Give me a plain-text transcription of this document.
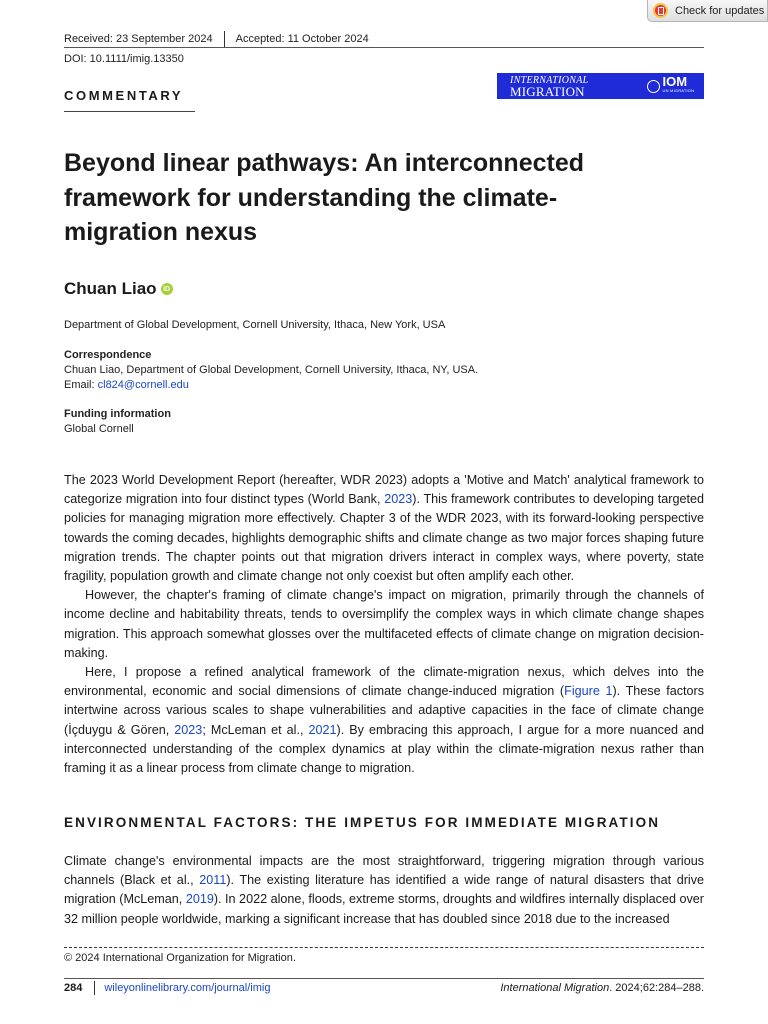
Check for updates
Received: 23 September 2024 Accepted: 11 October 2024
DOI: 10.1111/imig.13350
COMMENTARY
INTERNATIONAL
MIGRATION
IOM
UN MIGRATION
Beyond linear pathways: An interconnected framework for understanding the climate-migration nexus
Chuan Liao iD
Department of Global Development, Cornell University, Ithaca, New York, USA
Correspondence
Chuan Liao, Department of Global Development, Cornell University, Ithaca, NY, USA.
Email: cl824@cornell.edu
Funding information
Global Cornell

The 2023 World Development Report (hereafter, WDR 2023) adopts a 'Motive and Match' analytical framework to categorize migration into four distinct types (World Bank, 2023). This framework contributes to developing targeted policies for managing migration more effectively. Chapter 3 of the WDR 2023, with its forward-looking perspective towards the coming decades, highlights demographic shifts and climate change as two major forces shaping future migration trends. The chapter points out that migration drivers interact in complex ways, where poverty, state fragility, population growth and climate change not only coexist but often amplify each other.

However, the chapter's framing of climate change's impact on migration, primarily through the channels of income decline and habitability threats, tends to oversimplify the complex ways in which climate change shapes migration. This approach somewhat glosses over the multifaceted effects of climate change on migration decision-making.

Here, I propose a refined analytical framework of the climate-migration nexus, which delves into the environmental, economic and social dimensions of climate change-induced migration (Figure 1). These factors intertwine across various scales to shape vulnerabilities and adaptive capacities in the face of climate change (İçduygu & Gören, 2023; McLeman et al., 2021). By embracing this approach, I argue for a more nuanced and interconnected understanding of the complex dynamics at play within the climate-migration nexus rather than framing it as a linear process from climate change to migration.

ENVIRONMENTAL FACTORS: THE IMPETUS FOR IMMEDIATE MIGRATION
Climate change's environmental impacts are the most straightforward, triggering migration through various channels (Black et al., 2011). The existing literature has identified a wide range of natural disasters that drive migration (McLeman, 2019). In 2022 alone, floods, extreme storms, droughts and wildfires internally displaced over 32 million people worldwide, marking a significant increase that has doubled since 2018 due to the increased
© 2024 International Organization for Migration.
284 wileyonlinelibrary.com/journal/imig	International Migration. 2024;62:284–288.
